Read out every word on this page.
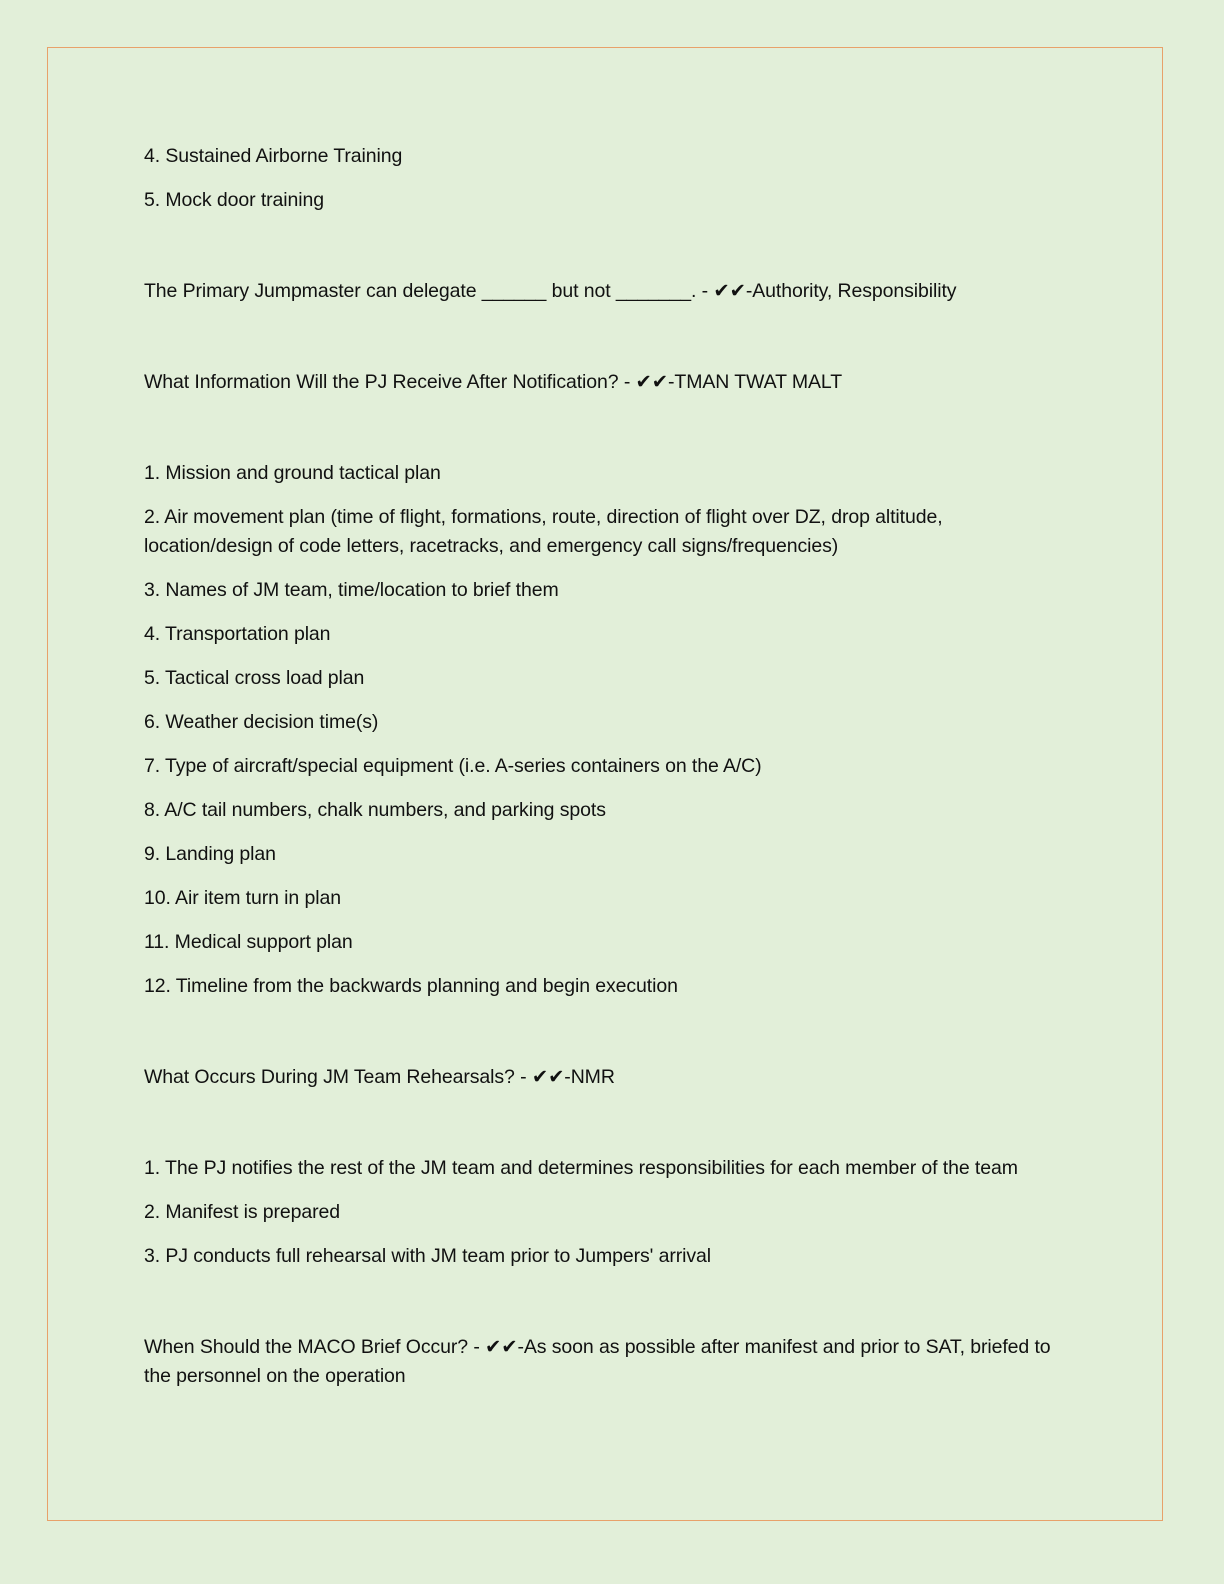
4. Sustained Airborne Training

5. Mock door training

The Primary Jumpmaster can delegate ______ but not _______. - ✔✔-Authority, Responsibility

What Information Will the PJ Receive After Notification? - ✔✔-TMAN TWAT MALT

1. Mission and ground tactical plan

2. Air movement plan (time of flight, formations, route, direction of flight over DZ, drop altitude, location/design of code letters, racetracks, and emergency call signs/frequencies)

3. Names of JM team, time/location to brief them

4. Transportation plan

5. Tactical cross load plan

6. Weather decision time(s)

7. Type of aircraft/special equipment (i.e. A-series containers on the A/C)

8. A/C tail numbers, chalk numbers, and parking spots

9. Landing plan

10. Air item turn in plan

11. Medical support plan

12. Timeline from the backwards planning and begin execution

What Occurs During JM Team Rehearsals? - ✔✔-NMR

1. The PJ notifies the rest of the JM team and determines responsibilities for each member of the team

2. Manifest is prepared

3. PJ conducts full rehearsal with JM team prior to Jumpers' arrival

When Should the MACO Brief Occur? - ✔✔-As soon as possible after manifest and prior to SAT, briefed to the personnel on the operation
